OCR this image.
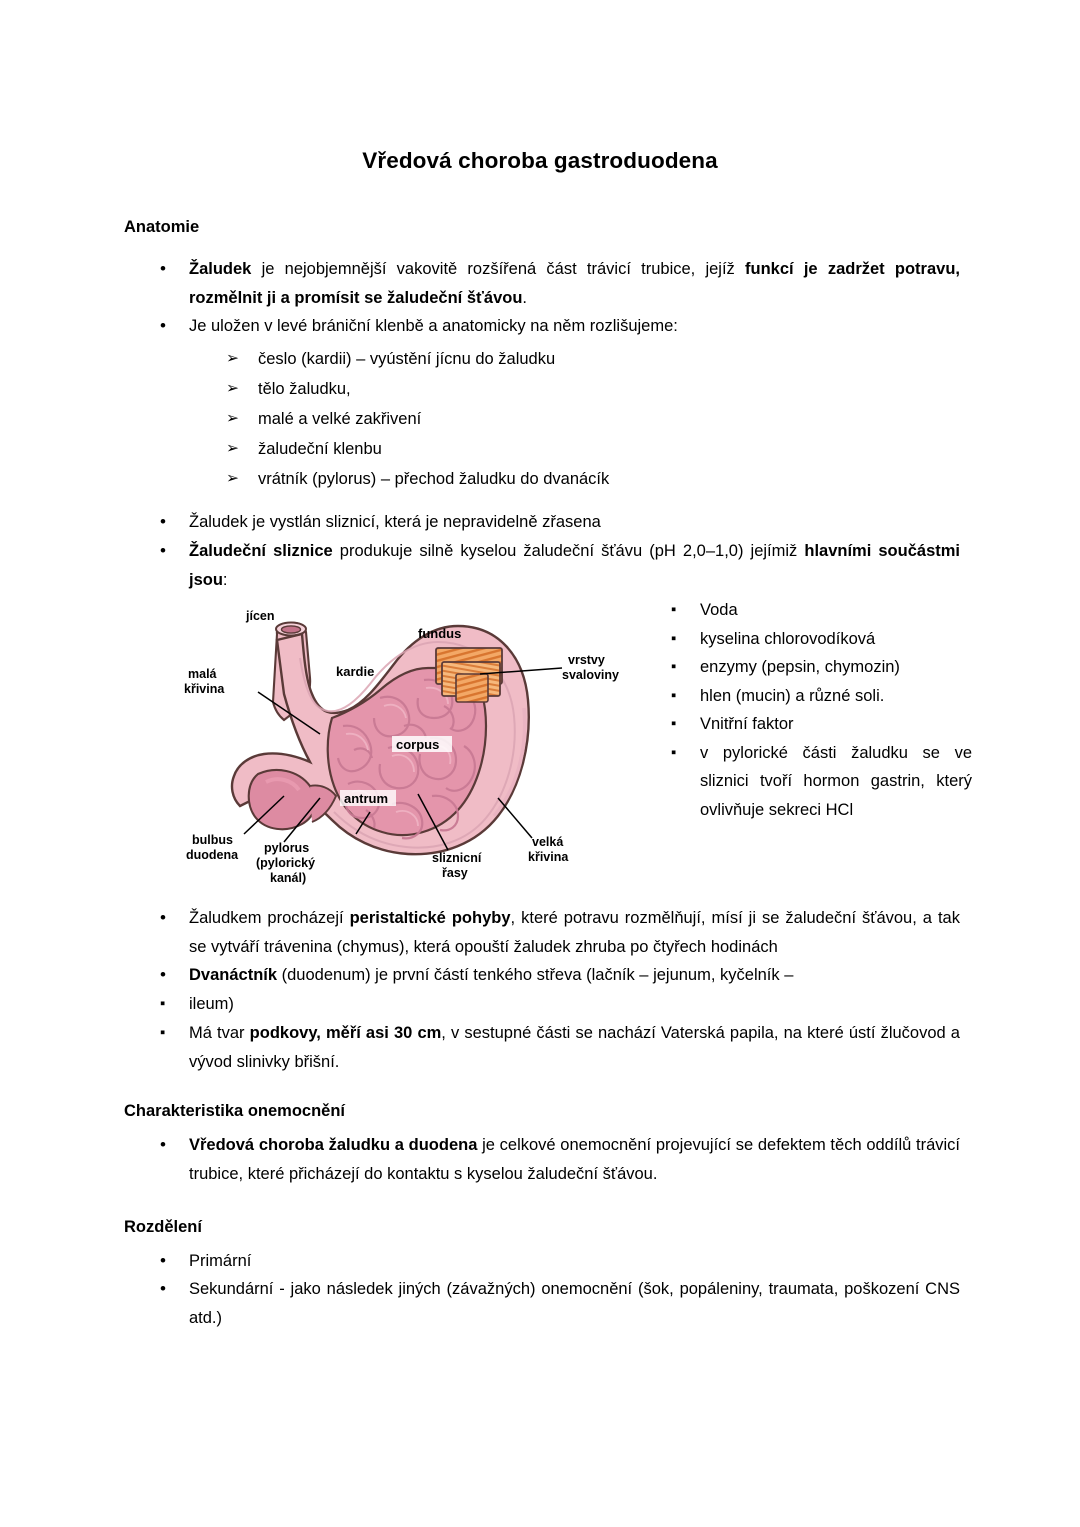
Vředová choroba gastroduodena
Anatomie
• Žaludek je nejobjemnější vakovitě rozšířená část trávicí trubice, jejíž funkcí je zadržet potravu, rozmělnit ji a promísit se žaludeční šťávou.
• Je uložen v levé brániční klenbě a anatomicky na něm rozlišujeme:
➢ česlo (kardii) – vyústění jícnu do žaludku
➢ tělo žaludku,
➢ malé a velké zakřivení
➢ žaludeční klenbu
➢ vrátník (pylorus) – přechod žaludku do dvanácík
• Žaludek je vystlán sliznicí, která je nepravidelně zřasena
• Žaludeční sliznice produkuje silně kyselou žaludeční šťávu (pH 2,0–1,0) jejímiž hlavními součástmi jsou:
▪ Voda
▪ kyselina chlorovodíková
▪ enzymy (pepsin, chymozin)
▪ hlen (mucin) a různé soli.
▪ Vnitřní faktor
▪ v pylorické části žaludku se ve sliznici tvoří hormon gastrin, který ovlivňuje sekreci HCl
jícen
fundus
kardie
malá
křivina
corpus
antrum
vrstvy
svaloviny
velká
křivina
bulbus
duodena pylorus
(pylorický
kanál)
sliznicní
řasy
• Žaludkem procházejí peristaltické pohyby, které potravu rozmělňují, mísí ji se žaludeční šťávou, a tak se vytváří trávenina (chymus), která opouští žaludek zhruba po čtyřech hodinách
• Dvanáctník (duodenum) je první částí tenkého střeva (lačník – jejunum, kyčelník –
▪ ileum)
▪ Má tvar podkovy, měří asi 30 cm, v sestupné části se nachází Vaterská papila, na které ústí žlučovod a vývod slinivky břišní.
Charakteristika onemocnění
• Vředová choroba žaludku a duodena je celkové onemocnění projevující se defektem těch oddílů trávicí trubice, které přicházejí do kontaktu s kyselou žaludeční šťávou.
Rozdělení
• Primární
• Sekundární - jako následek jiných (závažných) onemocnění (šok, popáleniny, traumata, poškození CNS atd.)
